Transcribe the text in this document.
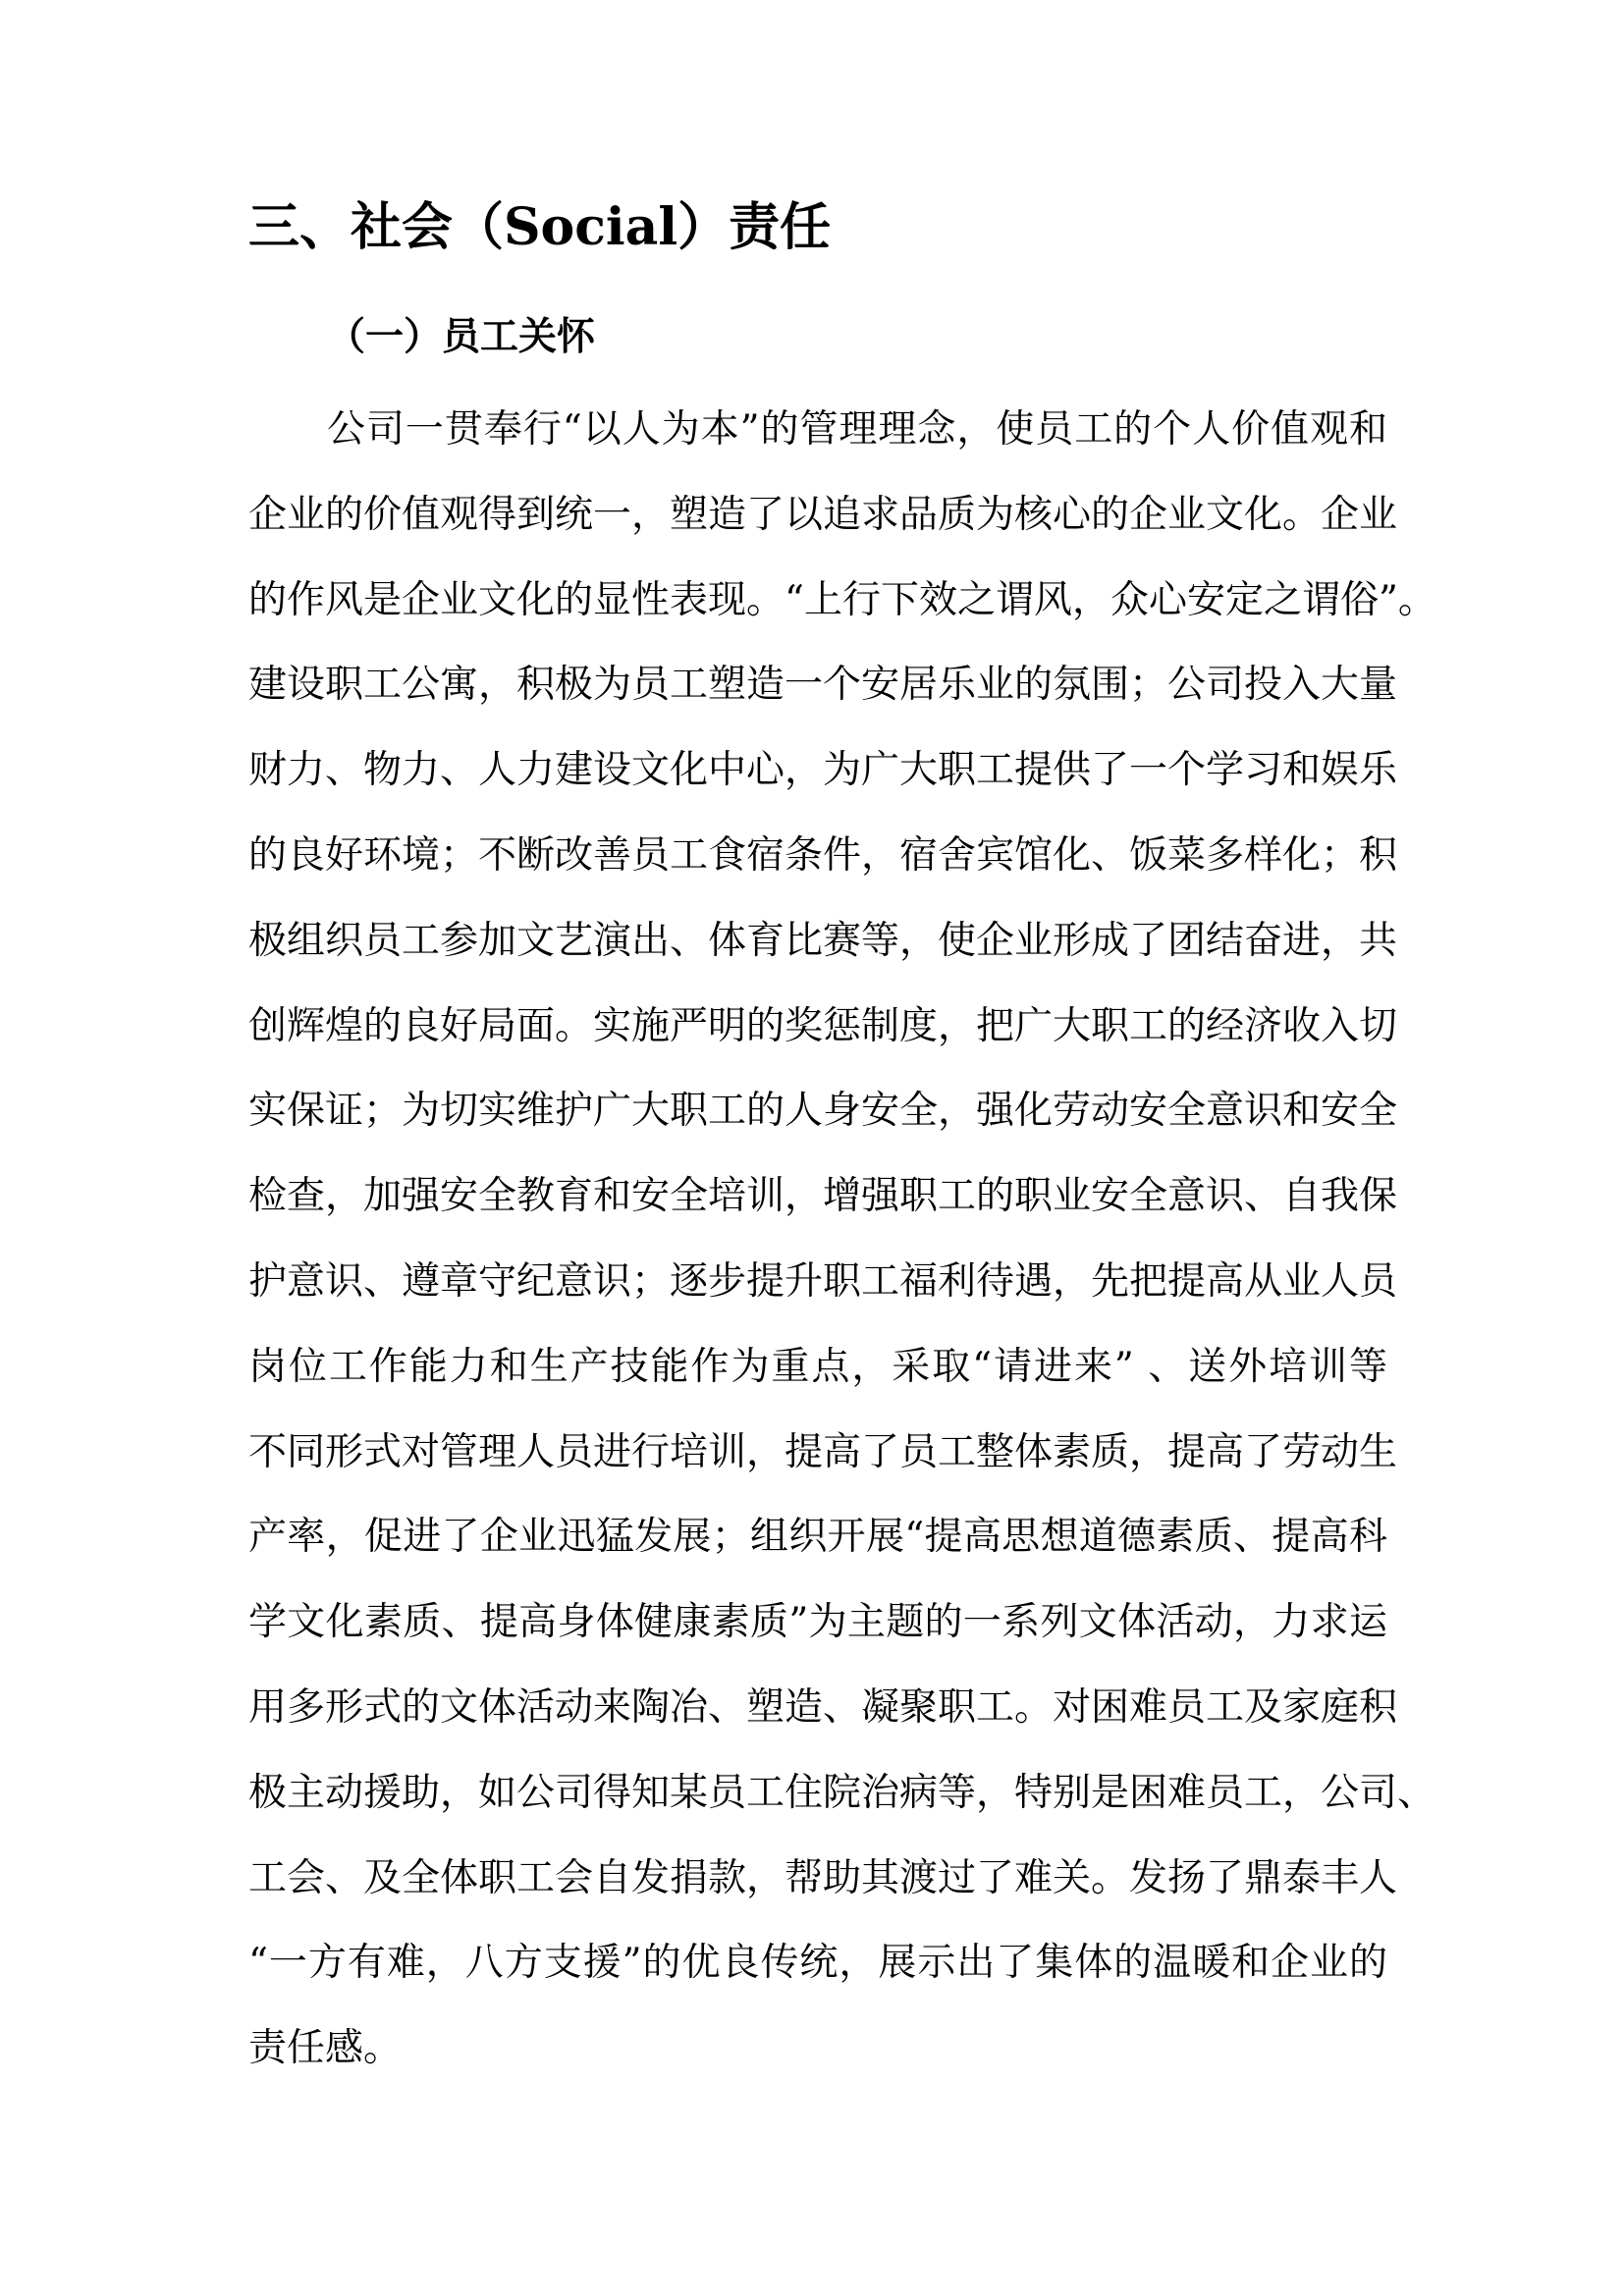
三、社会（Social）责任
（一）员工关怀
公司一贯奉行“以人为本”的管理理念，使员工的个人价值观和
企业的价值观得到统一，塑造了以追求品质为核心的企业文化。企业
的作风是企业文化的显性表现。“上行下效之谓风，众心安定之谓俗”。
建设职工公寓，积极为员工塑造一个安居乐业的氛围；公司投入大量
财力、物力、人力建设文化中心，为广大职工提供了一个学习和娱乐
的良好环境；不断改善员工食宿条件，宿舍宾馆化、饭菜多样化；积
极组织员工参加文艺演出、体育比赛等，使企业形成了团结奋进，共
创辉煌的良好局面。实施严明的奖惩制度，把广大职工的经济收入切
实保证；为切实维护广大职工的人身安全，强化劳动安全意识和安全
检查，加强安全教育和安全培训，增强职工的职业安全意识、自我保
护意识、遵章守纪意识；逐步提升职工福利待遇，先把提高从业人员
岗位工作能力和生产技能作为重点，采取“请进来” 、送外培训等
不同形式对管理人员进行培训，提高了员工整体素质，提高了劳动生
产率，促进了企业迅猛发展；组织开展“提高思想道德素质、提高科
学文化素质、提高身体健康素质”为主题的一系列文体活动，力求运
用多形式的文体活动来陶冶、塑造、凝聚职工。对困难员工及家庭积
极主动援助，如公司得知某员工住院治病等，特别是困难员工，公司、
工会、及全体职工会自发捐款，帮助其渡过了难关。发扬了鼎泰丰人
“一方有难，八方支援”的优良传统，展示出了集体的温暖和企业的
责任感。
